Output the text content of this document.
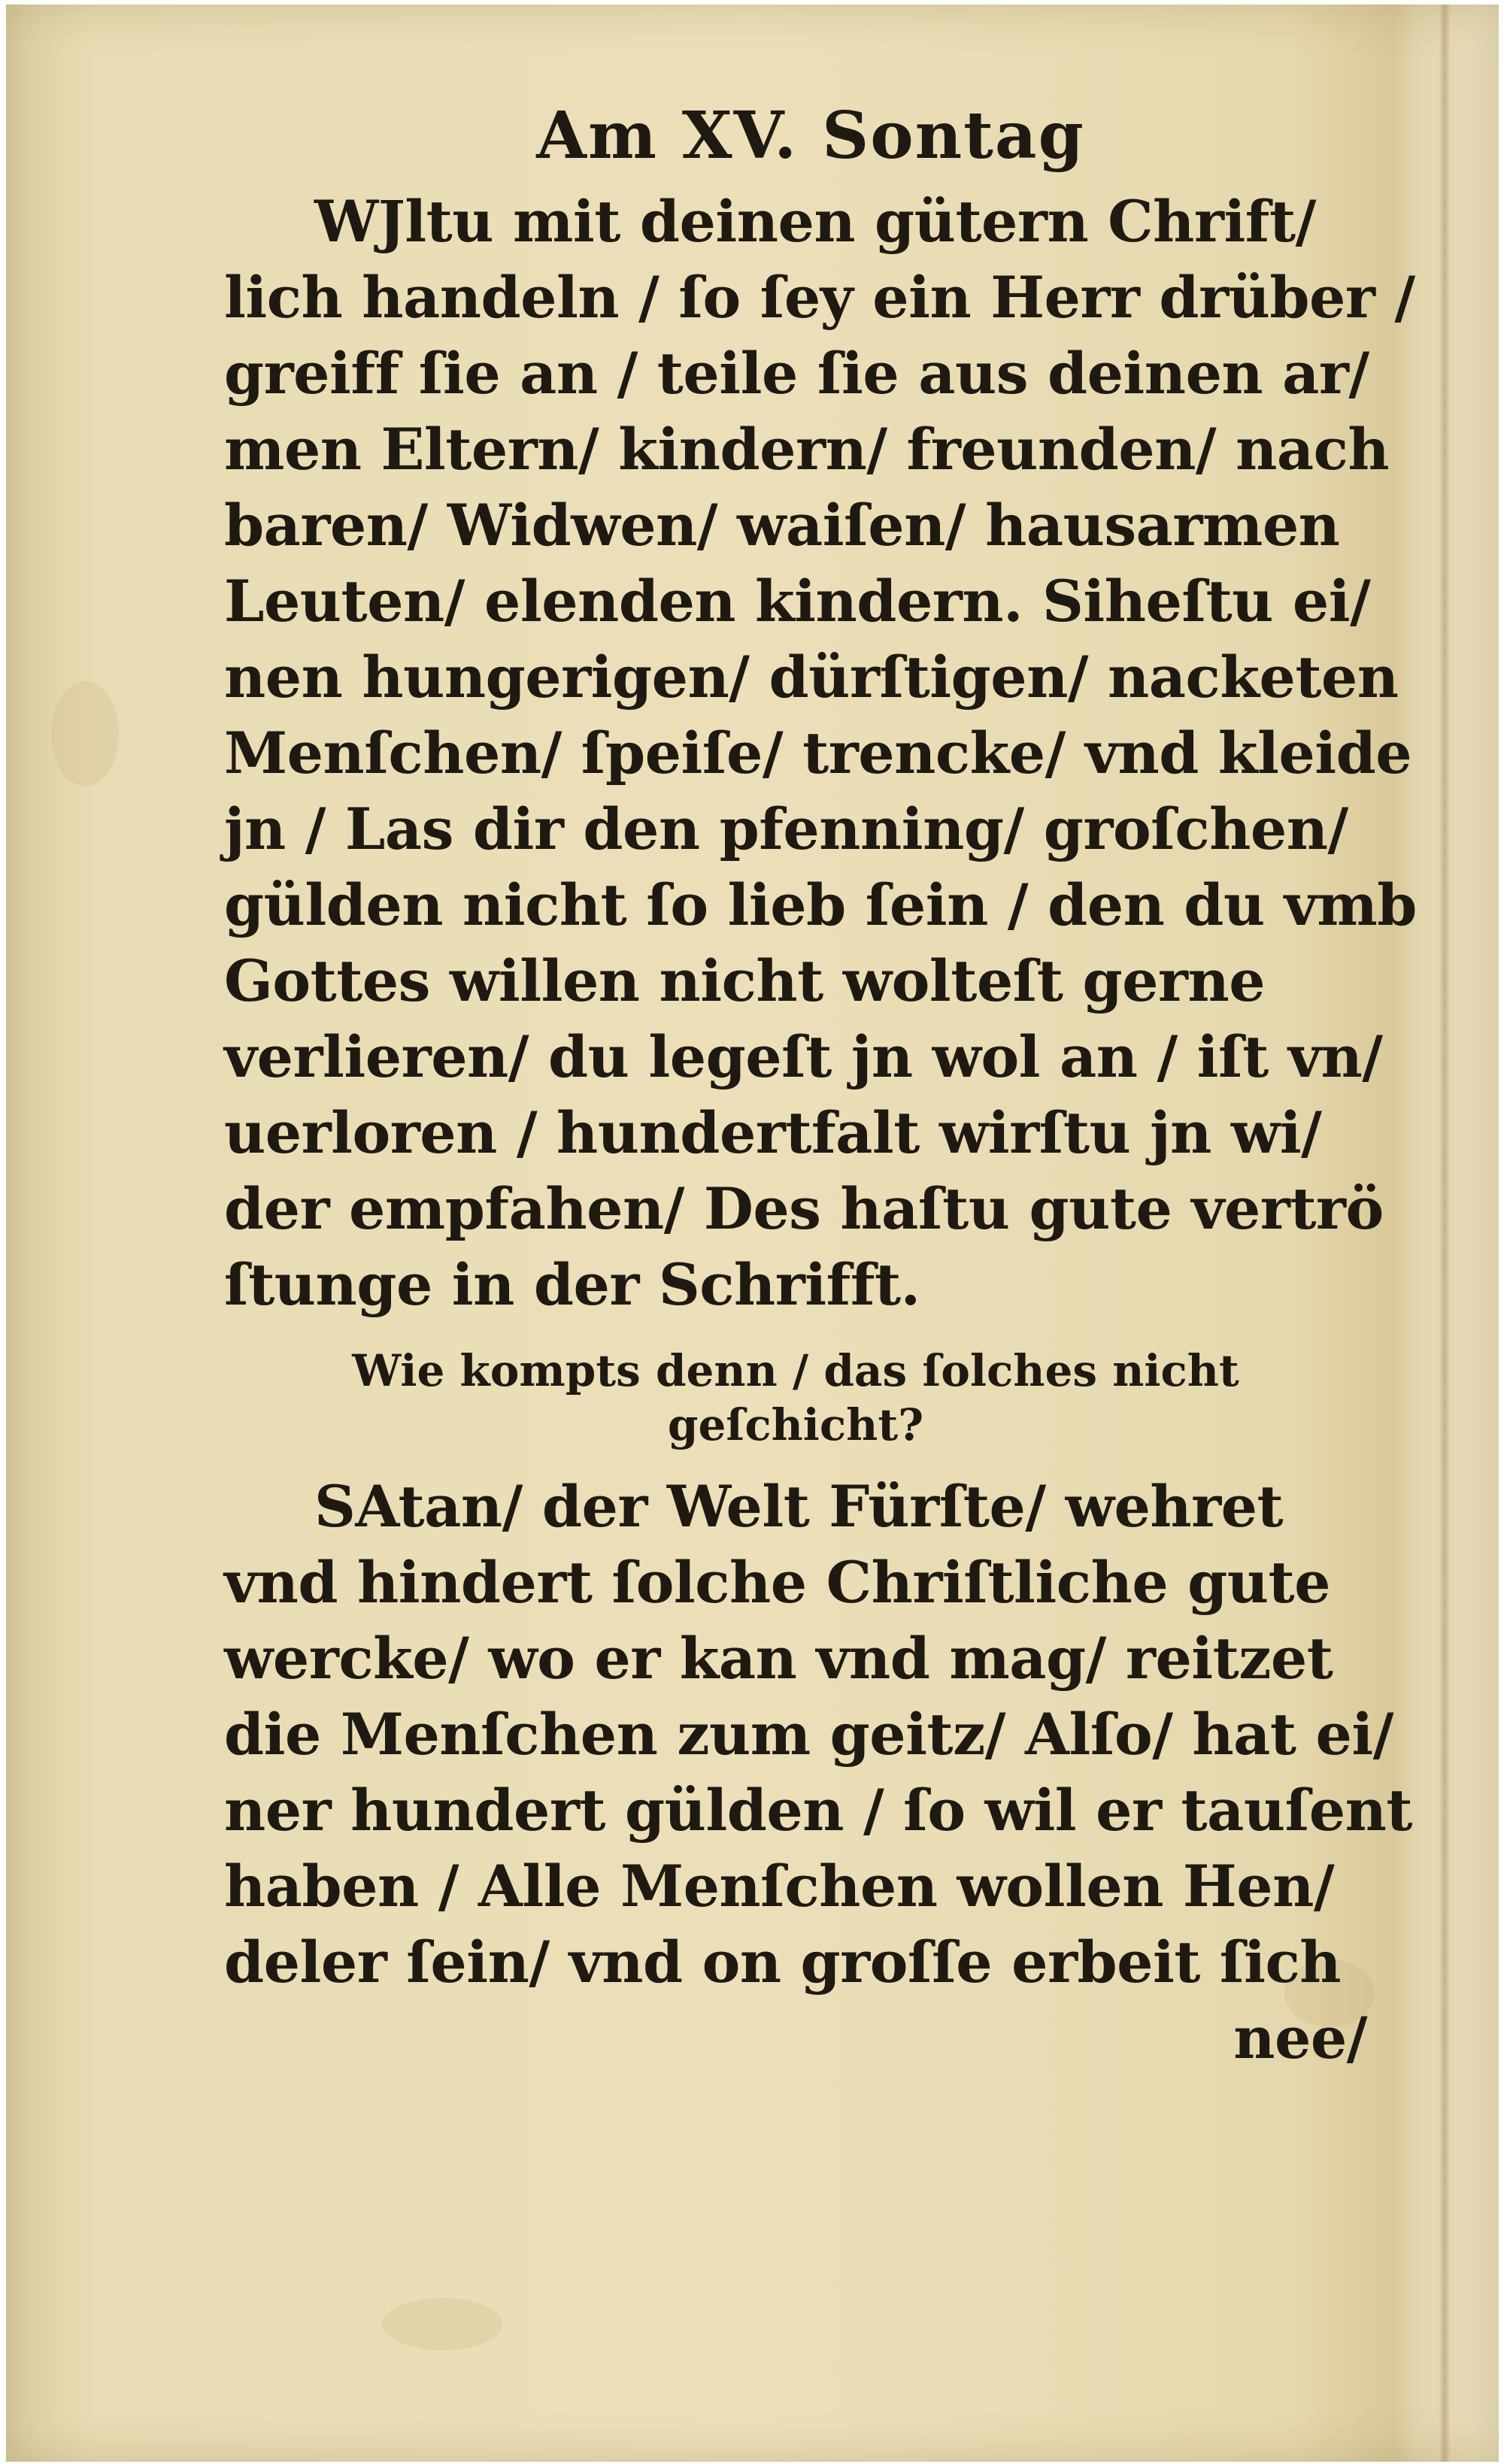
Am XV. Sontag
WJltu mit deinen gütern Chrift/
lich handeln / ſo ſey ein Herr drüber /
greiff ſie an / teile ſie aus deinen ar/
men Eltern/ kindern/ freunden/ nach
baren/ Widwen/ waiſen/ hausarmen
Leuten/ elenden kindern. Siheſtu ei/
nen hungerigen/ dürſtigen/ nacketen
Menſchen/ ſpeiſe/ trencke/ vnd kleide
jn / Las dir den pfenning/ groſchen/
gülden nicht ſo lieb ſein / den du vmb
Gottes willen nicht wolteſt gerne
verlieren/ du legeſt jn wol an / iſt vn/
uerloren / hundertfalt wirſtu jn wi/
der empfahen/ Des haſtu gute vertrö
ſtunge in der Schrifft.
Wie kompts denn / das ſolches nicht
geſchicht?
SAtan/ der Welt Fürſte/ wehret
vnd hindert ſolche Chriſtliche gute
wercke/ wo er kan vnd mag/ reitzet
die Menſchen zum geitz/ Alſo/ hat ei/
ner hundert gülden / ſo wil er tauſent
haben / Alle Menſchen wollen Hen/
deler ſein/ vnd on groſſe erbeit ſich
nee/
